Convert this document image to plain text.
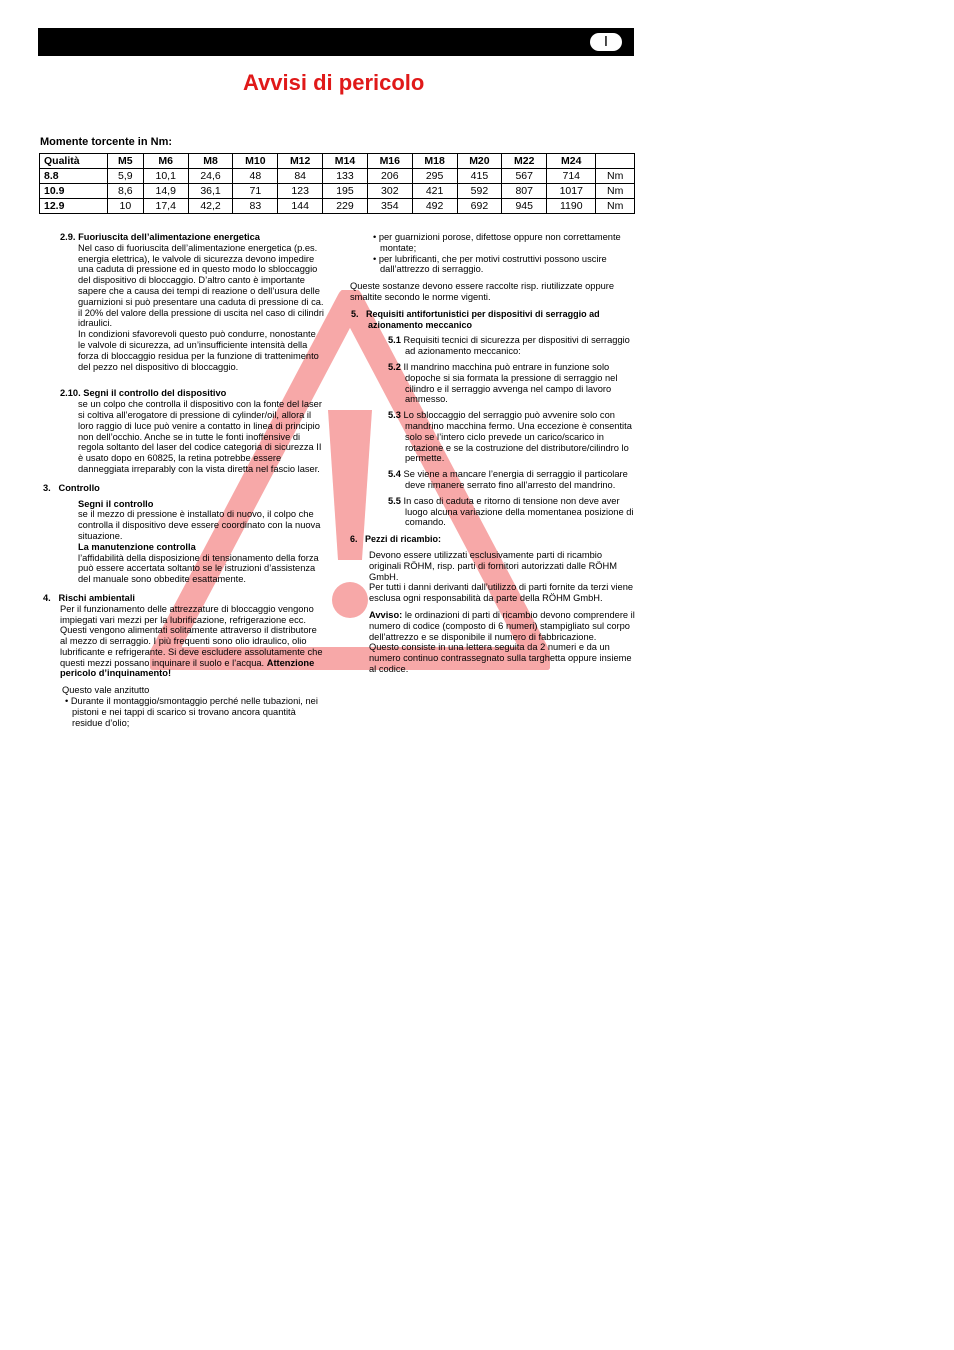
I
Avvisi di pericolo
Momente torcente in Nm:
Qualità	M5	M6	M8	M10	M12	M14	M16	M18	M20	M22	M24	
8.8	5,9	10,1	24,6	48	84	133	206	295	415	567	714	Nm
10.9	8,6	14,9	36,1	71	123	195	302	421	592	807	1017	Nm
12.9	10	17,4	42,2	83	144	229	354	492	692	945	1190	Nm
2.9. Fuoriuscita dell’alimentazione energetica

Nel caso di fuoriuscita dell’alimentazione energetica (p.es. energia elettrica), le valvole di sicurezza devono impedire una caduta di pressione ed in questo modo lo sbloccaggio del dispositivo di bloccaggio. D’altro canto è importante sapere che a causa dei tempi di reazione o dell’usura delle guarnizioni si può presentare una caduta di pressione di ca. il 20% del valore della pressione di uscita nel caso di cilindri idraulici.

In condizioni sfavorevoli questo può condurre, nonostante le valvole di sicurezza, ad un’insufficiente intensità della forza di bloccaggio residua per la funzione di trattenimento del pezzo nel dispositivo di bloccaggio.

2.10. Segni il controllo del dispositivo

se un colpo che controlla il dispositivo con la fonte del laser si coltiva all’erogatore di pressione di cylinder/oil, allora il loro raggio di luce può venire a contatto in linea di principio non dell’occhio. Anche se in tutte le fonti inoffensive di regola soltanto del laser del codice categoria di sicurezza II è usato dopo en 60825, la retina potrebbe essere danneggiata irreparably con la vista diretta nel fascio laser.

3. Controllo
Segni il controllo

se il mezzo di pressione è installato di nuovo, il colpo che controlla il dispositivo deve essere coordinato con la nuova situazione.

La manutenzione controlla

l’affidabilità della disposizione di tensionamento della forza può essere accertata soltanto se le istruzioni d’assistenza del manuale sono obbedite esattamente.

4. Rischi ambientali

Per il funzionamento delle attrezzature di bloccaggio vengono impiegati vari mezzi per la lubrificazione, refrigerazione ecc. Questi vengono alimentati solitamente attraverso il distributore al mezzo di serraggio. I più frequenti sono olio idraulico, olio lubrificante e refrigerante. Si deve escludere assolutamente che questi mezzi possano inquinare il suolo e l’acqua. Attenzione pericolo d’inquinamento!

Questo vale anzitutto

• Durante il montaggio/smontaggio perché nelle tubazioni, nei pistoni e nei tappi di scarico si trovano ancora quantità residue d’olio;

• per guarnizioni porose, difettose oppure non correttamente montate;

• per lubrificanti, che per motivi costruttivi possono uscire dall’attrezzo di serraggio.

Queste sostanze devono essere raccolte risp. riutilizzate oppure smaltite secondo le norme vigenti.

5. Requisiti antifortunistici per dispositivi di serraggio ad azionamento meccanico

5.1 Requisiti tecnici di sicurezza per dispositivi di serraggio ad azionamento meccanico:

5.2 Il mandrino macchina può entrare in funzione solo dopoche si sia formata la pressione di serraggio nel cilindro e il serraggio avvenga nel campo di lavoro ammesso.

5.3 Lo sbloccaggio del serraggio può avvenire solo con mandrino macchina fermo. Una eccezione è consentita solo se l’intero ciclo prevede un carico/scarico in rotazione e se la costruzione del distributore/cilindro lo permette.

5.4 Se viene a mancare l’energia di serraggio il particolare deve rimanere serrato fino all’arresto del mandrino.

5.5 In caso di caduta e ritorno di tensione non deve aver luogo alcuna variazione della momentanea posizione di comando.

6. Pezzi di ricambio:

Devono essere utilizzati esclusivamente parti di ricambio originali RÖHM, risp. parti di fornitori autorizzati dalle RÖHM GmbH.

Per tutti i danni derivanti dall’utilizzo di parti fornite da terzi viene esclusa ogni responsabilità da parte della RÖHM GmbH.

Avviso: le ordinazioni di parti di ricambio devono comprendere il numero di codice (composto di 6 numeri) stampigliato sul corpo dell’attrezzo e se disponibile il numero di fabbricazione.

Questo consiste in una lettera seguita da 2 numeri e da un numero continuo contrassegnato sulla targhetta oppure insieme al codice.
